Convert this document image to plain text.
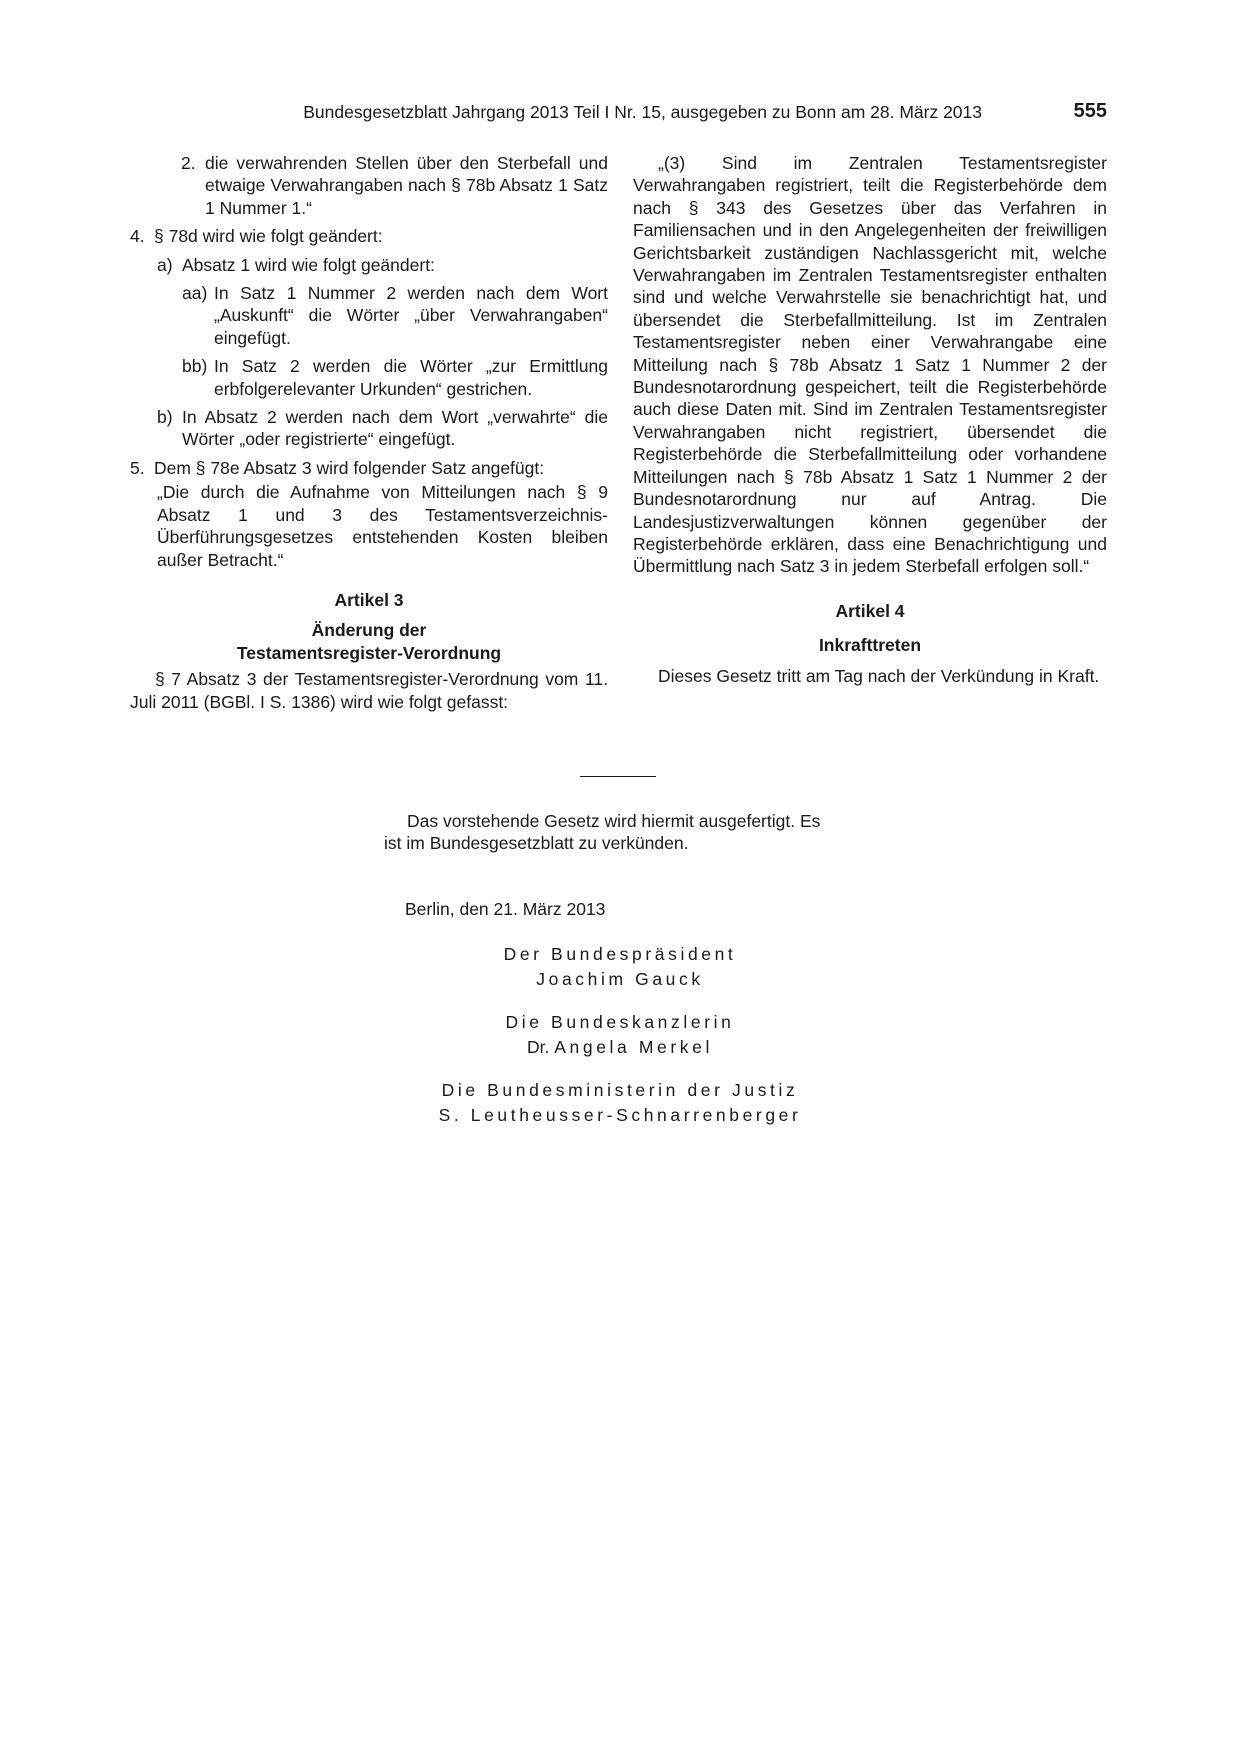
Bundesgesetzblatt Jahrgang 2013 Teil I Nr. 15, ausgegeben zu Bonn am 28. März 2013	555
2. die verwahrenden Stellen über den Sterbefall und etwaige Verwahrangaben nach § 78b Absatz 1 Satz 1 Nummer 1.“
4. § 78d wird wie folgt geändert:
a) Absatz 1 wird wie folgt geändert:
aa) In Satz 1 Nummer 2 werden nach dem Wort „Auskunft“ die Wörter „über Verwahrangaben“ eingefügt.
bb) In Satz 2 werden die Wörter „zur Ermittlung erbfolgerelevanter Urkunden“ gestrichen.
b) In Absatz 2 werden nach dem Wort „verwahrte“ die Wörter „oder registrierte“ eingefügt.
5. Dem § 78e Absatz 3 wird folgender Satz angefügt:

„Die durch die Aufnahme von Mitteilungen nach § 9 Absatz 1 und 3 des Testamentsverzeichnis-Überführungsgesetzes entstehenden Kosten bleiben außer Betracht.“

Artikel 3

Änderung der

Testamentsregister-Verordnung

§ 7 Absatz 3 der Testamentsregister-Verordnung vom 11. Juli 2011 (BGBl. I S. 1386) wird wie folgt gefasst:

„(3) Sind im Zentralen Testamentsregister Verwahrangaben registriert, teilt die Registerbehörde dem nach § 343 des Gesetzes über das Verfahren in Familiensachen und in den Angelegenheiten der freiwilligen Gerichtsbarkeit zuständigen Nachlassgericht mit, welche Verwahrangaben im Zentralen Testamentsregister enthalten sind und welche Verwahrstelle sie benachrichtigt hat, und übersendet die Sterbefallmitteilung. Ist im Zentralen Testamentsregister neben einer Verwahrangabe eine Mitteilung nach § 78b Absatz 1 Satz 1 Nummer 2 der Bundesnotarordnung gespeichert, teilt die Registerbehörde auch diese Daten mit. Sind im Zentralen Testamentsregister Verwahrangaben nicht registriert, übersendet die Registerbehörde die Sterbefallmitteilung oder vorhandene Mitteilungen nach § 78b Absatz 1 Satz 1 Nummer 2 der Bundesnotarordnung nur auf Antrag. Die Landesjustizverwaltungen können gegenüber der Registerbehörde erklären, dass eine Benachrichtigung und Übermittlung nach Satz 3 in jedem Sterbefall erfolgen soll.“

Artikel 4

Inkrafttreten

Dieses Gesetz tritt am Tag nach der Verkündung in Kraft.

Das vorstehende Gesetz wird hiermit ausgefertigt. Es
ist im Bundesgesetzblatt zu verkünden.
Berlin, den 21. März 2013
Der Bundespräsident
Joachim Gauck
Die Bundeskanzlerin
Dr. Angela Merkel
Die Bundesministerin der Justiz
S. Leutheusser-Schnarrenberger
